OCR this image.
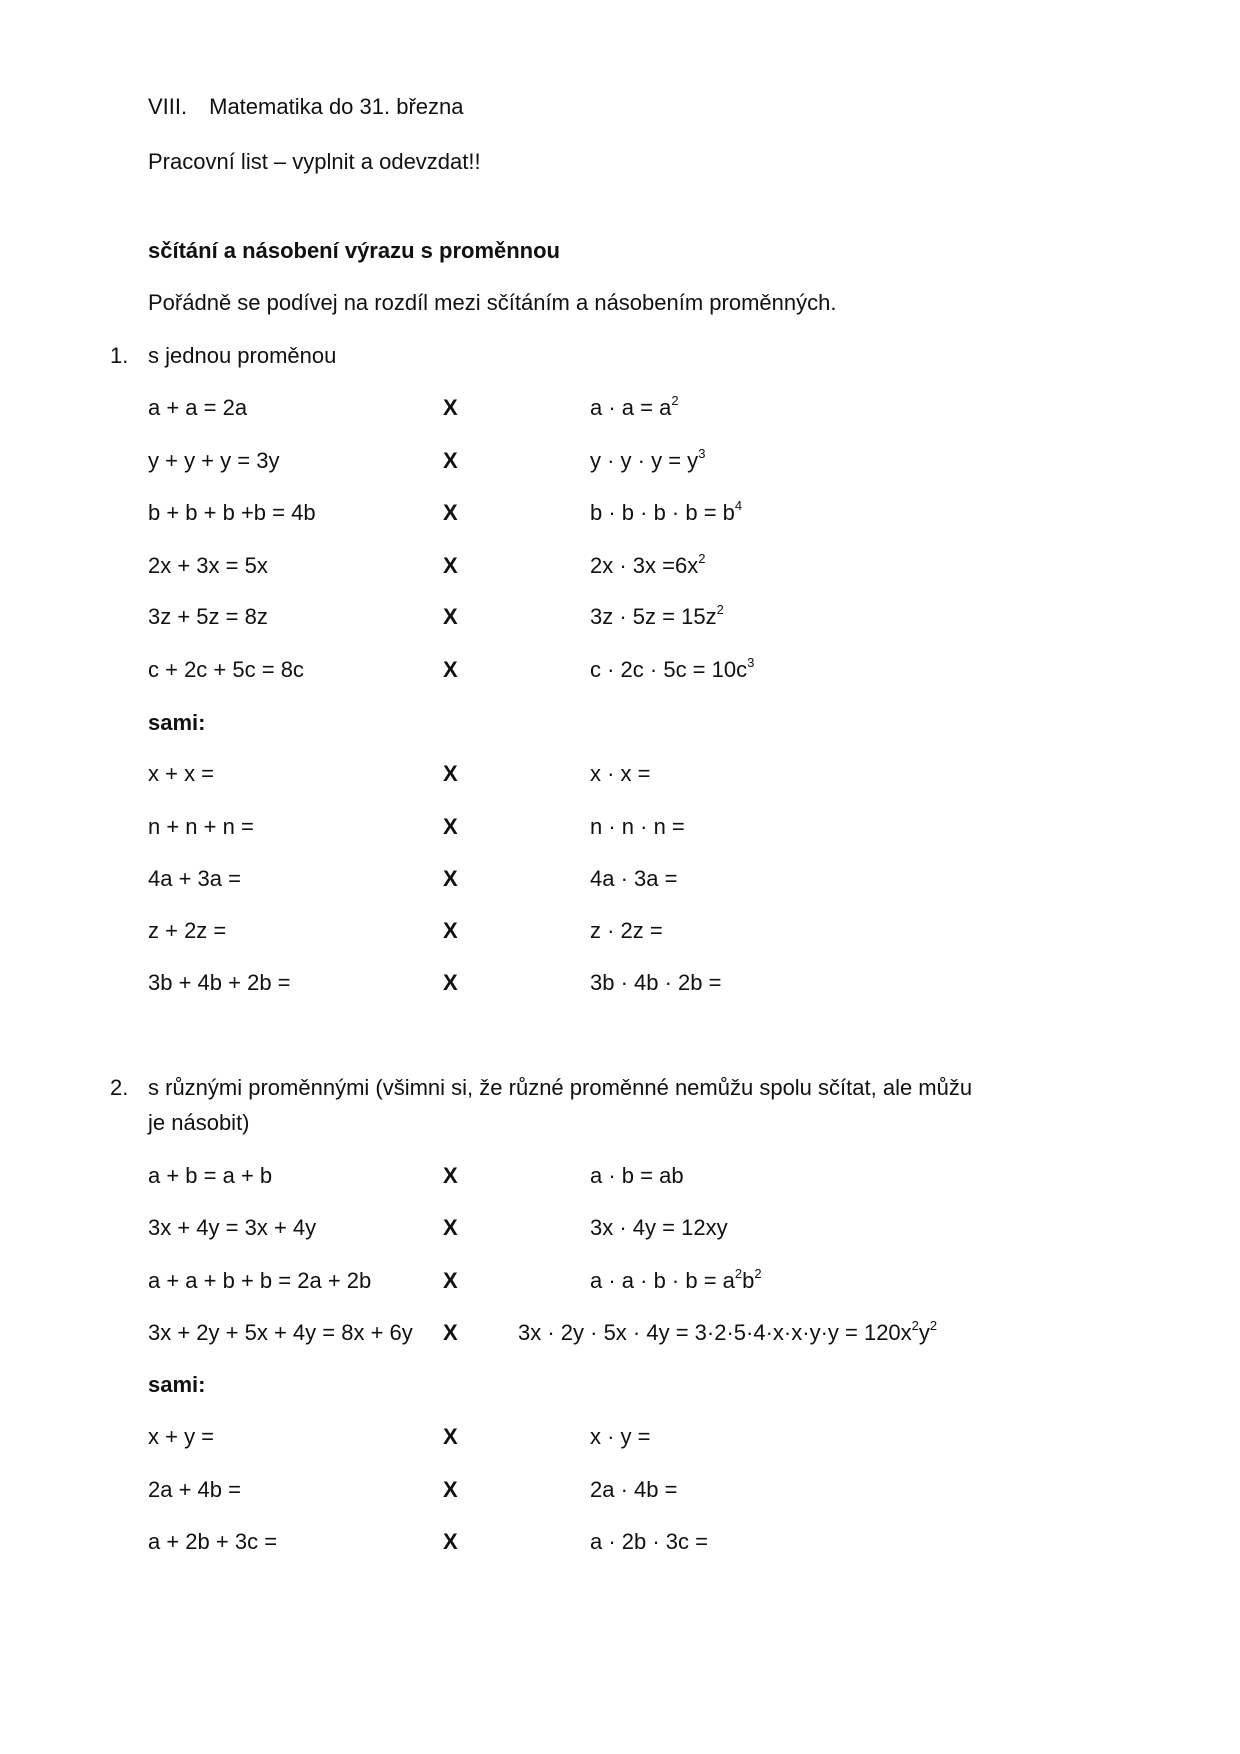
VIII. Matematika do 31. března
Pracovní list – vyplnit a odevzdat!!
sčítání a násobení výrazu s proměnnou
Pořádně se podívej na rozdíl mezi sčítáním a násobením proměnných.
1. s jednou proměnou
a + a = 2a	X	$a \cdot a = a^2$
y + y + y = 3y	X	$y \cdot y \cdot y = y^3$
b + b + b +b = 4b	X	$b \cdot b \cdot b \cdot b = b^4$
2x + 3x = 5x	X	$2x \cdot 3x =6x^2$
3z + 5z = 8z	X	$3z \cdot 5z = 15z^2$
c + 2c + 5c = 8c	X	$c \cdot 2c \cdot 5c = 10c^3$
sami:
x + x =	X	x · x =
n + n + n =	X	n · n · n =
4a + 3a =	X	4a · 3a =
z + 2z =	X	z · 2z =
3b + 4b + 2b =	X	3b · 4b · 2b =
2. s různými proměnnými (všimni si, že různé proměnné nemůžu spolu sčítat, ale můžu
je násobit)
a + b = a + b	X	a · b = ab
3x + 4y = 3x + 4y	X	3x · 4y = 12xy
a + a + b + b = 2a + 2b	X	$a \cdot a \cdot b \cdot b = a^2b^2$
3x + 2y + 5x + 4y = 8x + 6y X	$3x \cdot 2y \cdot 5x \cdot 4y = 3\cdot 2\cdot 5\cdot 4\cdot x\cdot x\cdot y\cdot y = 120x^2y^2$
sami:
x + y =	X	x · y =
2a + 4b =	X	2a · 4b =
a + 2b + 3c =	X	a · 2b · 3c =
